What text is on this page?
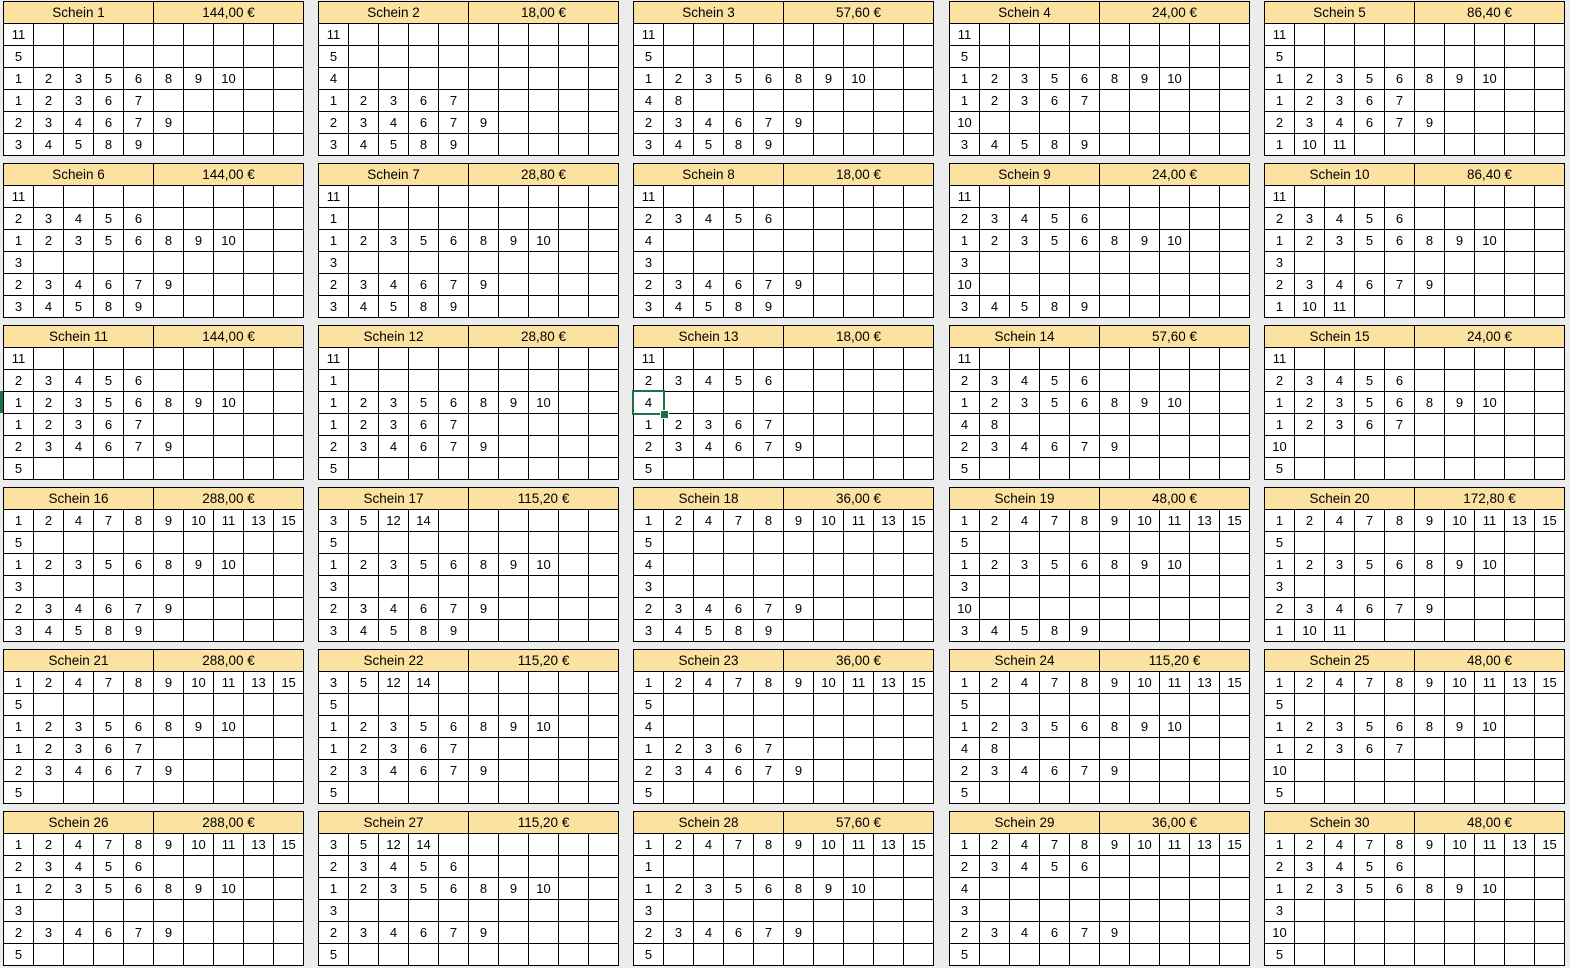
Schein 1					144,00 €				
11									
5									
1	2	3	5	6	8	9	10		
1	2	3	6	7					
2	3	4	6	7	9				
3	4	5	8	9					
Schein 2					18,00 €				
11									
5									
4									
1	2	3	6	7					
2	3	4	6	7	9				
3	4	5	8	9					
Schein 3					57,60 €				
11									
5									
1	2	3	5	6	8	9	10		
4	8								
2	3	4	6	7	9				
3	4	5	8	9					
Schein 4					24,00 €				
11									
5									
1	2	3	5	6	8	9	10		
1	2	3	6	7					
10									
3	4	5	8	9					
Schein 5					86,40 €				
11									
5									
1	2	3	5	6	8	9	10		
1	2	3	6	7					
2	3	4	6	7	9				
1	10	11							
Schein 6					144,00 €				
11									
2	3	4	5	6					
1	2	3	5	6	8	9	10		
3									
2	3	4	6	7	9				
3	4	5	8	9					
Schein 7					28,80 €				
11									
1									
1	2	3	5	6	8	9	10		
3									
2	3	4	6	7	9				
3	4	5	8	9					
Schein 8					18,00 €				
11									
2	3	4	5	6					
4									
3									
2	3	4	6	7	9				
3	4	5	8	9					
Schein 9					24,00 €				
11									
2	3	4	5	6					
1	2	3	5	6	8	9	10		
3									
10									
3	4	5	8	9					
Schein 10					86,40 €				
11									
2	3	4	5	6					
1	2	3	5	6	8	9	10		
3									
2	3	4	6	7	9				
1	10	11							
Schein 11					144,00 €				
11									
2	3	4	5	6					
1	2	3	5	6	8	9	10		
1	2	3	6	7					
2	3	4	6	7	9				
5									
Schein 12					28,80 €				
11									
1									
1	2	3	5	6	8	9	10		
1	2	3	6	7					
2	3	4	6	7	9				
5									
Schein 13					18,00 €				
11									
2	3	4	5	6					
4									
1	2	3	6	7					
2	3	4	6	7	9				
5									
Schein 14					57,60 €				
11									
2	3	4	5	6					
1	2	3	5	6	8	9	10		
4	8								
2	3	4	6	7	9				
5									
Schein 15					24,00 €				
11									
2	3	4	5	6					
1	2	3	5	6	8	9	10		
1	2	3	6	7					
10									
5									
Schein 16					288,00 €				
1	2	4	7	8	9	10	11	13	15
5									
1	2	3	5	6	8	9	10		
3									
2	3	4	6	7	9				
3	4	5	8	9					
Schein 17					115,20 €				
3	5	12	14						
5									
1	2	3	5	6	8	9	10		
3									
2	3	4	6	7	9				
3	4	5	8	9					
Schein 18					36,00 €				
1	2	4	7	8	9	10	11	13	15
5									
4									
3									
2	3	4	6	7	9				
3	4	5	8	9					
Schein 19					48,00 €				
1	2	4	7	8	9	10	11	13	15
5									
1	2	3	5	6	8	9	10		
3									
10									
3	4	5	8	9					
Schein 20					172,80 €				
1	2	4	7	8	9	10	11	13	15
5									
1	2	3	5	6	8	9	10		
3									
2	3	4	6	7	9				
1	10	11							
Schein 21					288,00 €				
1	2	4	7	8	9	10	11	13	15
5									
1	2	3	5	6	8	9	10		
1	2	3	6	7					
2	3	4	6	7	9				
5									
Schein 22					115,20 €				
3	5	12	14						
5									
1	2	3	5	6	8	9	10		
1	2	3	6	7					
2	3	4	6	7	9				
5									
Schein 23					36,00 €				
1	2	4	7	8	9	10	11	13	15
5									
4									
1	2	3	6	7					
2	3	4	6	7	9				
5									
Schein 24					115,20 €				
1	2	4	7	8	9	10	11	13	15
5									
1	2	3	5	6	8	9	10		
4	8								
2	3	4	6	7	9				
5									
Schein 25					48,00 €				
1	2	4	7	8	9	10	11	13	15
5									
1	2	3	5	6	8	9	10		
1	2	3	6	7					
10									
5									
Schein 26					288,00 €				
1	2	4	7	8	9	10	11	13	15
2	3	4	5	6					
1	2	3	5	6	8	9	10		
3									
2	3	4	6	7	9				
5									
Schein 27					115,20 €				
3	5	12	14						
2	3	4	5	6					
1	2	3	5	6	8	9	10		
3									
2	3	4	6	7	9				
5									
Schein 28					57,60 €				
1	2	4	7	8	9	10	11	13	15
1									
1	2	3	5	6	8	9	10		
3									
2	3	4	6	7	9				
5									
Schein 29					36,00 €				
1	2	4	7	8	9	10	11	13	15
2	3	4	5	6					
4									
3									
2	3	4	6	7	9				
5									
Schein 30					48,00 €				
1	2	4	7	8	9	10	11	13	15
2	3	4	5	6					
1	2	3	5	6	8	9	10		
3									
10									
5									
